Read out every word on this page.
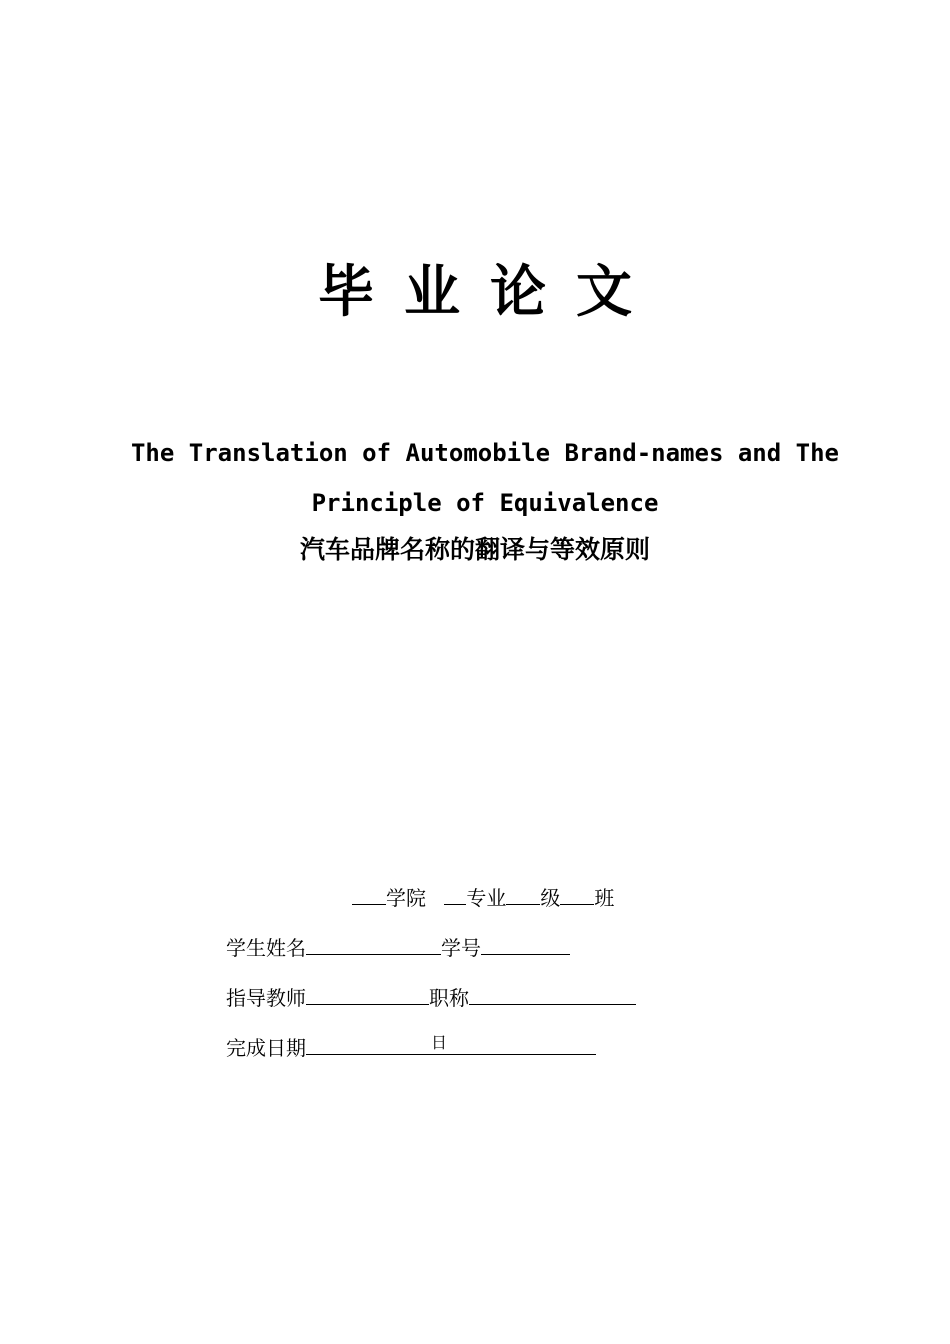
毕业论文
The Translation of Automobile Brand-names and The
Principle of Equivalence
汽车品牌名称的翻译与等效原则
学院 专业 级 班
学生姓名	学号
指导教师	职称
完成日期	日
